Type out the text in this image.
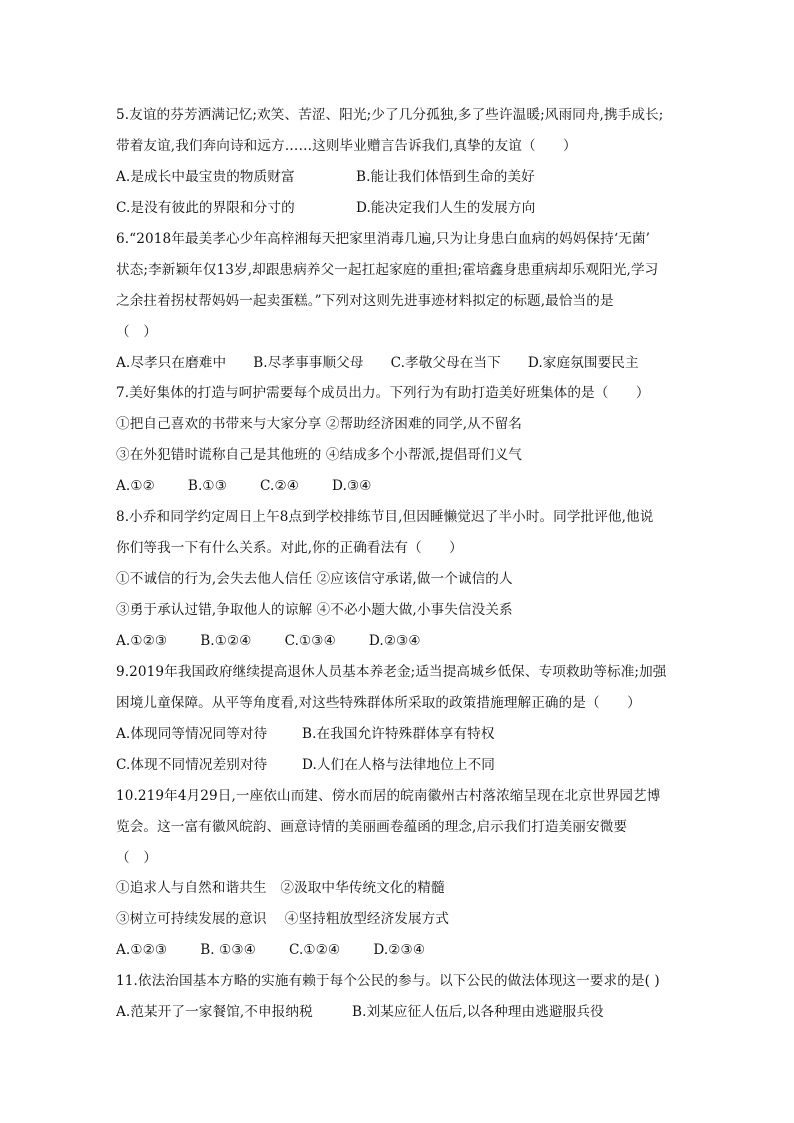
5.友谊的芬芳洒满记忆;欢笑、苦涩、阳光;少了几分孤独,多了些许温暖;风雨同舟,携手成长;
带着友谊,我们奔向诗和远方……这则毕业赠言告诉我们,真挚的友谊（　　）
A.是成长中最宝贵的物质财富	B.能让我们体悟到生命的美好
C.是没有彼此的界限和分寸的	D.能决定我们人生的发展方向
6.“2018年最美孝心少年高梓湘每天把家里消毒几遍,只为让身患白血病的妈妈保持‘无菌’
状态;李新颖年仅13岁,却跟患病养父一起扛起家庭的重担;霍培鑫身患重病却乐观阳光,学习
之余拄着拐杖帮妈妈一起卖蛋糕。”下列对这则先进事迹材料拟定的标题,最恰当的是
（　）
A.尽孝只在磨难中 B.尽孝事事顺父母 C.孝敬父母在当下 D.家庭氛围要民主
7.美好集体的打造与呵护需要每个成员出力。下列行为有助打造美好班集体的是（　　）
①把自己喜欢的书带来与大家分享 ②帮助经济困难的同学,从不留名
③在外犯错时谎称自己是其他班的 ④结成多个小帮派,提倡哥们义气
A.①② B.①③ C.②④ D.③④
8.小乔和同学约定周日上午8点到学校排练节目,但因睡懒觉迟了半小时。同学批评他,他说
你们等我一下有什么关系。对此,你的正确看法有（　　）
①不诚信的行为,会失去他人信任 ②应该信守承诺,做一个诚信的人
③勇于承认过错,争取他人的谅解 ④不必小题大做,小事失信没关系
A.①②③ B.①②④ C.①③④ D.②③④
9.2019年我国政府继续提高退休人员基本养老金;适当提高城乡低保、专项救助等标准;加强
困境儿童保障。从平等角度看,对这些特殊群体所采取的政策措施理解正确的是（　　）
A.体现同等情况同等对待	B.在我国允许特殊群体享有特权
C.体现不同情况差别对待	D.人们在人格与法律地位上不同
10.219年4月29日,一座依山而建、傍水而居的皖南徽州古村落浓缩呈现在北京世界园艺博
览会。这一富有徽风皖韵、画意诗情的美丽画卷蕴函的理念,启示我们打造美丽安微要
（　）
①追求人与自然和谐共生　②汲取中华传统文化的精髓
③树立可持续发展的意识　 ④坚持粗放型经济发展方式
A.①②③ B. ①③④ C.①②④ D.②③④
11.依法治国基本方略的实施有赖于每个公民的参与。以下公民的做法体现这一要求的是( )
A.范某开了一家餐馆,不申报纳税	B.刘某应征人伍后,以各种理由逃避服兵役
